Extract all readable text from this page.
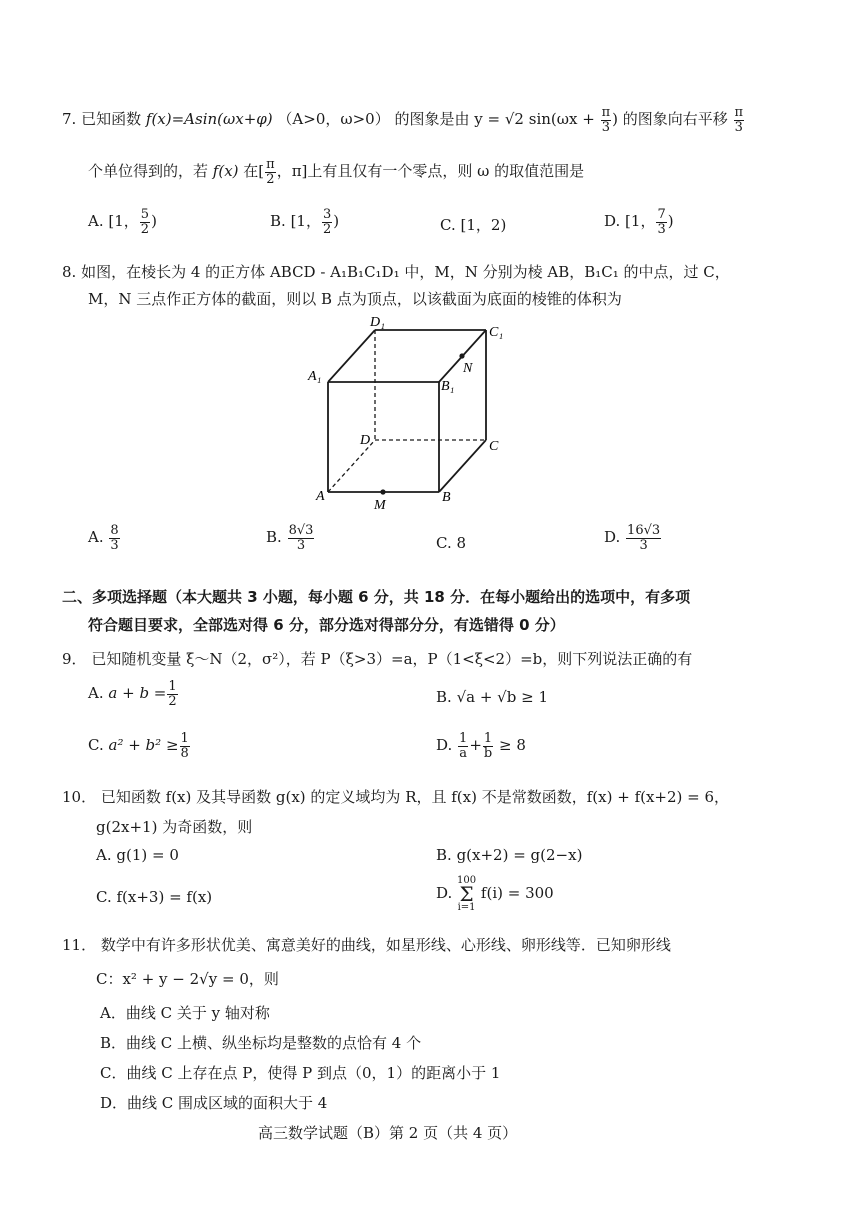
7. 已知函数 f(x)=Asin(ωx+φ) （A>0，ω>0） 的图象是由 y = √2 $\sin(\omega x + \frac{\pi}{3}$ ) 的图象向右平移 $\frac{\pi}{3}$
个单位得到的，若 f(x) 在[ $\frac{\pi}{2}$ ，π]上有且仅有一个零点，则 ω 的取值范围是
A. [1， $\frac{5}{2}$ )	B. [1， $\frac{3}{2}$ )	C. [1，2)	D. [1， $\frac{7}{3}$ )
8. 如图，在棱长为 4 的正方体 ABCD - A₁B₁C₁D₁ 中，M，N 分别为棱 AB，B₁C₁ 的中点，过 C，
M，N 三点作正方体的截面，则以 B 点为顶点，以该截面为底面的棱锥的体积为
D₁
C₁
A₁
B₁
N
D	C
A	B
M
A. $\frac{8}{3}$	B. $\frac{8√3}{3}$	C. 8	D. $\frac{16√3}{3}$
二、多项选择题（本大题共 3 小题，每小题 6 分，共 18 分．在每小题给出的选项中，有多项
符合题目要求，全部选对得 6 分，部分选对得部分分，有选错得 0 分）
9． 已知随机变量 ξ～N（2，σ²），若 P（ξ>3）=a，P（1<ξ<2）=b，则下列说法正确的有
A. $a + b = \frac{1}{2}$	B. √a + √b ≥ 1
C. $a^2 + b^2 \ge \frac{1}{8}$	D. $\frac{1}{a} + \frac{1}{b} \ge 8$
10． 已知函数 f(x) 及其导函数 g(x) 的定义域均为 R，且 f(x) 不是常数函数，f(x) + f(x+2) = 6，
g(2x+1) 为奇函数，则
A. g(1) = 0	B. g(x+2) = g(2−x)
C. f(x+3) = f(x)	D. 100
Σ
i=1 f(i) = 300
11． 数学中有许多形状优美、寓意美好的曲线，如星形线、心形线、卵形线等．已知卵形线
C：x² + y − 2√y = 0，则
A．曲线 C 关于 y 轴对称
B．曲线 C 上横、纵坐标均是整数的点恰有 4 个
C．曲线 C 上存在点 P，使得 P 到点（0，1）的距离小于 1
D．曲线 C 围成区域的面积大于 4
高三数学试题（B）第 2 页（共 4 页）
